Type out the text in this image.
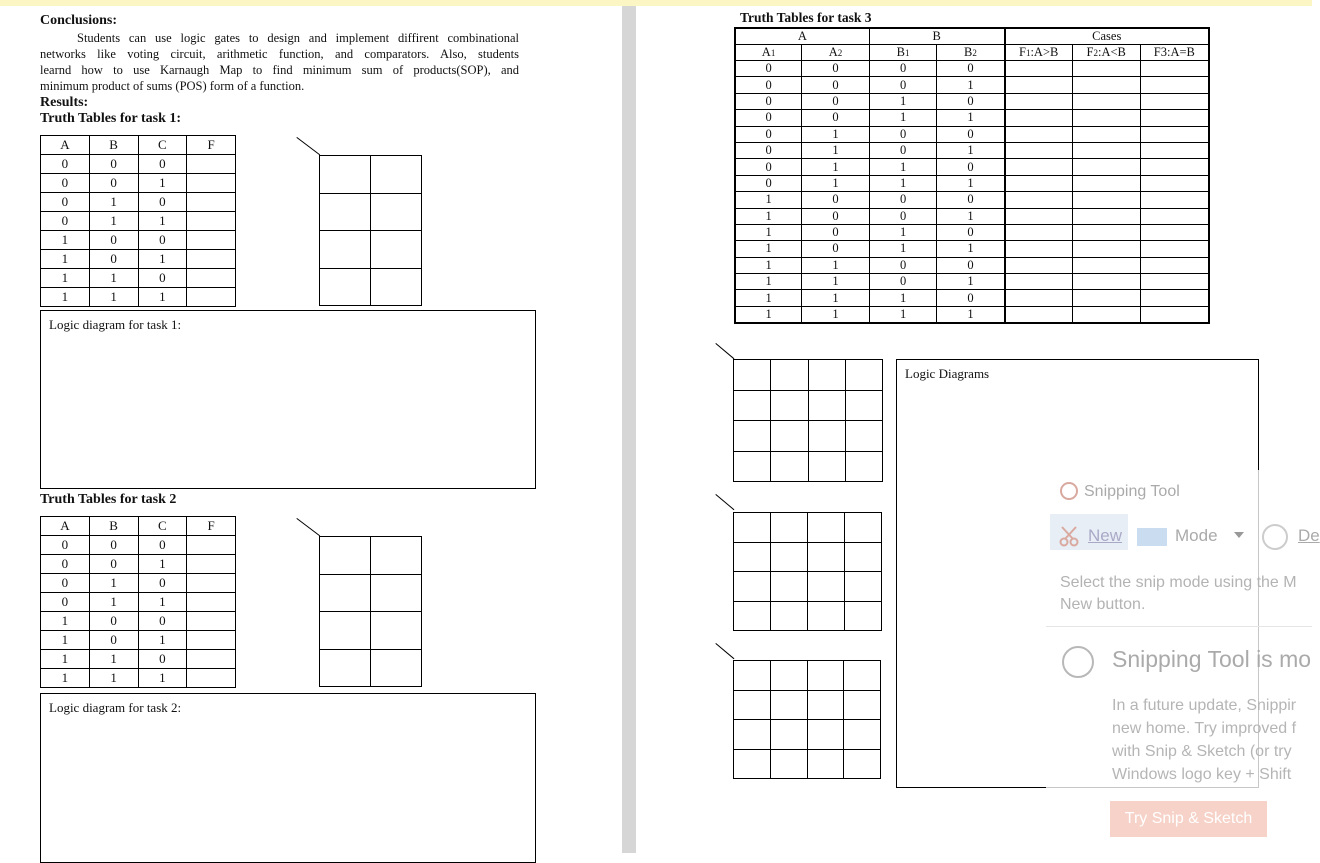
Conclusions:
Students can use logic gates to design and implement diffirent combinational
networks like voting circuit, arithmetic function, and comparators. Also, students
learnd how to use Karnaugh Map to find minimum sum of products(SOP), and
minimum product of sums (POS) form of a function.
Results:
Truth Tables for task 1:
A	B	C	F
0	0	0	
0	0	1	
0	1	0	
0	1	1	
1	0	0	
1	0	1	
1	1	0	
1	1	1	

Logic diagram for task 1:
Truth Tables for task 2
A	B	C	F
0	0	0	
0	0	1	
0	1	0	
0	1	1	
1	0	0	
1	0	1	
1	1	0	
1	1	1	

Logic diagram for task 2:
Truth Tables for task 3
A		B		Cases		
A1	A2	B1	B2	F1:A>B	F2:A<B	F3:A=B
0	0	0	0			
0	0	0	1			
0	0	1	0			
0	0	1	1			
0	1	0	0			
0	1	0	1			
0	1	1	0			
0	1	1	1			
1	0	0	0			
1	0	0	1			
1	0	1	0			
1	0	1	1			
1	1	0	0			
1	1	0	1			
1	1	1	0			
1	1	1	1			

Logic Diagrams
Snipping Tool
New	Mode	De
Select the snip mode using the M
New button.
Snipping Tool is mo
In a future update, Snippir
new home. Try improved f
with Snip & Sketch (or try
Windows logo key + Shift
Try Snip & Sketch
